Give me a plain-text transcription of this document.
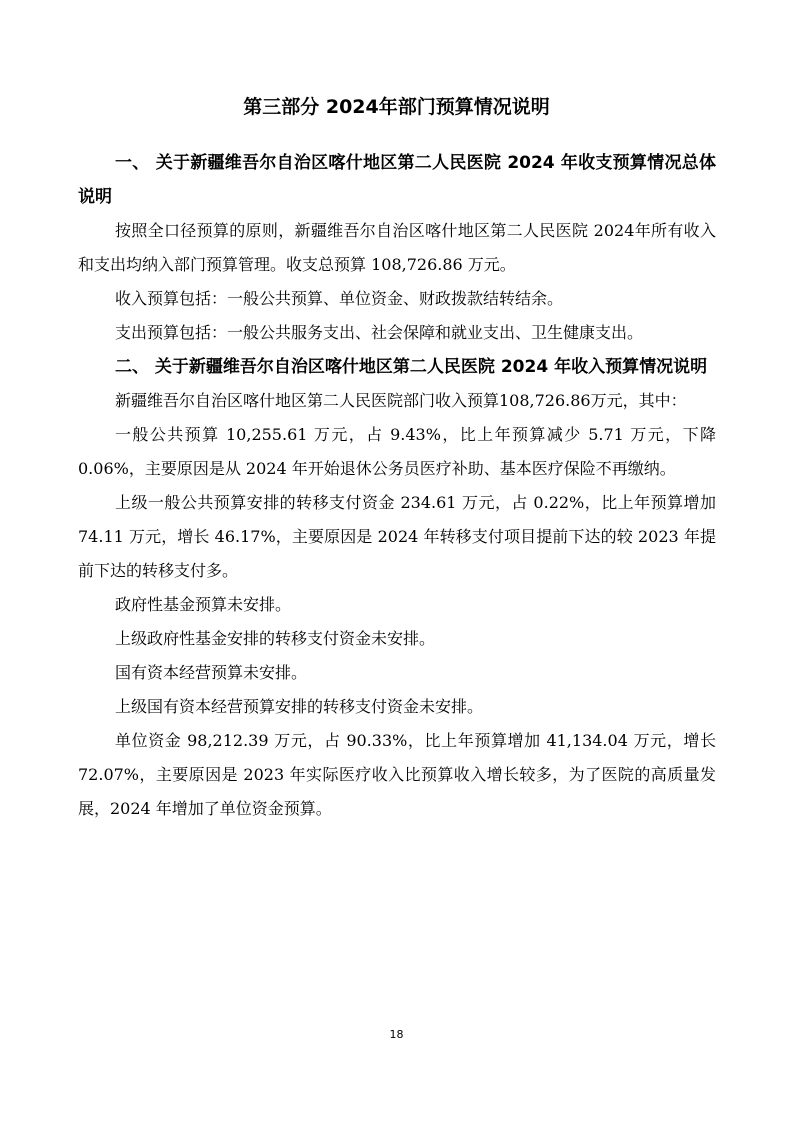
第三部分 2024年部门预算情况说明

一、 关于新疆维吾尔自治区喀什地区第二人民医院 2024 年收支预算情况总体说明

按照全口径预算的原则，新疆维吾尔自治区喀什地区第二人民医院 2024年所有收入和支出均纳入部门预算管理。收支总预算 108,726.86 万元。

收入预算包括：一般公共预算、单位资金、财政拨款结转结余。

支出预算包括：一般公共服务支出、社会保障和就业支出、卫生健康支出。

二、 关于新疆维吾尔自治区喀什地区第二人民医院 2024 年收入预算情况说明

新疆维吾尔自治区喀什地区第二人民医院部门收入预算108,726.86万元，其中：

一般公共预算 10,255.61 万元，占 9.43%，比上年预算减少 5.71 万元，下降 0.06%，主要原因是从 2024 年开始退休公务员医疗补助、基本医疗保险不再缴纳。

上级一般公共预算安排的转移支付资金 234.61 万元，占 0.22%，比上年预算增加 74.11 万元，增长 46.17%，主要原因是 2024 年转移支付项目提前下达的较 2023 年提前下达的转移支付多。

政府性基金预算未安排。

上级政府性基金安排的转移支付资金未安排。

国有资本经营预算未安排。

上级国有资本经营预算安排的转移支付资金未安排。

单位资金 98,212.39 万元，占 90.33%，比上年预算增加 41,134.04 万元，增长 72.07%，主要原因是 2023 年实际医疗收入比预算收入增长较多，为了医院的高质量发展，2024 年增加了单位资金预算。

18
